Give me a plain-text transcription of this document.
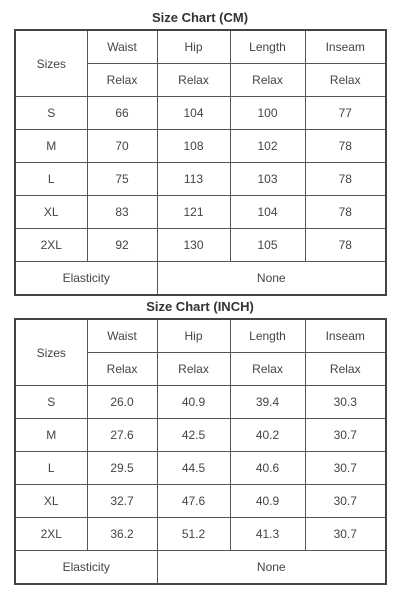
Size Chart (CM)
Sizes	Waist	Hip	Length	Inseam
	Relax	Relax	Relax	Relax
S	66	104	100	77
M	70	108	102	78
L	75	113	103	78
XL	83	121	104	78
2XL	92	130	105	78
Elasticity		None		
Size Chart (INCH)
Sizes	Waist	Hip	Length	Inseam
	Relax	Relax	Relax	Relax
S	26.0	40.9	39.4	30.3
M	27.6	42.5	40.2	30.7
L	29.5	44.5	40.6	30.7
XL	32.7	47.6	40.9	30.7
2XL	36.2	51.2	41.3	30.7
Elasticity		None		
